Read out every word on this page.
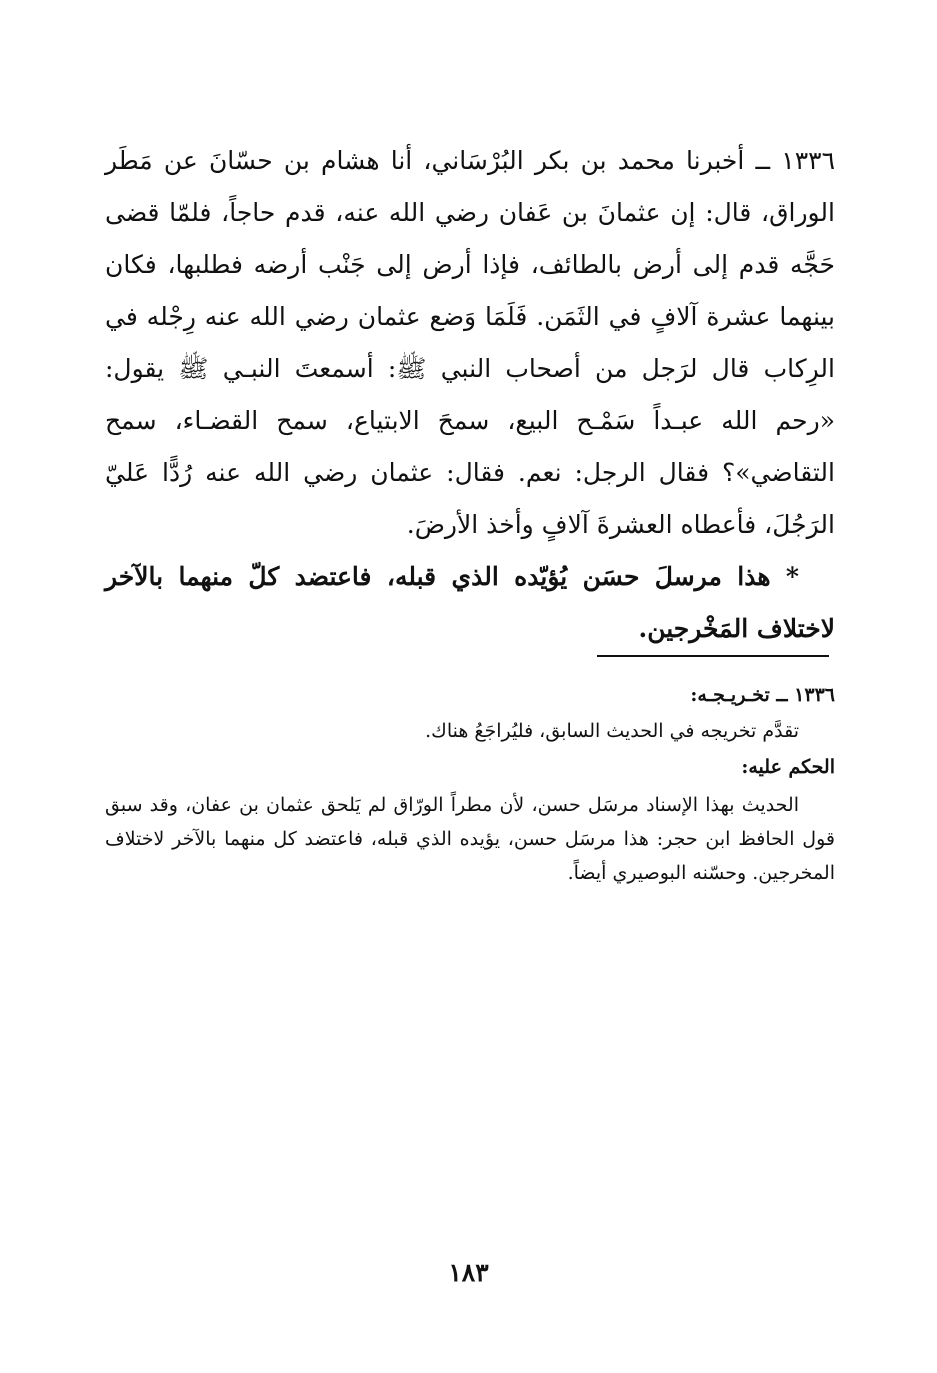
١٣٣٦ ــ أخبرنا محمد بن بكر البُرْسَاني، أنا هشام بن حسّانَ عن مَطَر الوراق، قال: إن عثمانَ بن عَفان رضي الله عنه، قدم حاجاً، فلمّا قضى حَجَّه قدم إلى أرض بالطائف، فإذا أرض إلى جَنْب أرضه فطلبها، فكان بينهما عشرة آلافٍ في الثَمَن. فَلَمَا وَضع عثمان رضي الله عنه رِجْله في الرِكاب قال لرَجل من أصحاب النبي ﷺ: أسمعتَ النبـي ﷺ يقول: «رحم الله عبـداً سَمْـح البيع، سمحَ الابتياع، سمح القضـاء، سمح التقاضي»؟ فقال الرجل: نعم. فقال: عثمان رضي الله عنه رُدًّا عَليّ الرَجُلَ، فأعطاه العشرةَ آلافٍ وأخذ الأرضَ.

* هذا مرسلَ حسَن يُؤيّده الذي قبله، فاعتضد كلّ منهما بالآخر لاختلاف المَخْرجين.

١٣٣٦ ــ تخـريـجـه:

تقدَّم تخريجه في الحديث السابق، فليُراجَعُ هناك.

الحكم عليه:

الحديث بهذا الإسناد مرسَل حسن، لأن مطراً الورّاق لم يَلحق عثمان بن عفان، وقد سبق قول الحافظ ابن حجر: هذا مرسَل حسن، يؤيده الذي قبله، فاعتضد كل منهما بالآخر لاختلاف المخرجين. وحسّنه البوصيري أيضاً.

١٨٣
